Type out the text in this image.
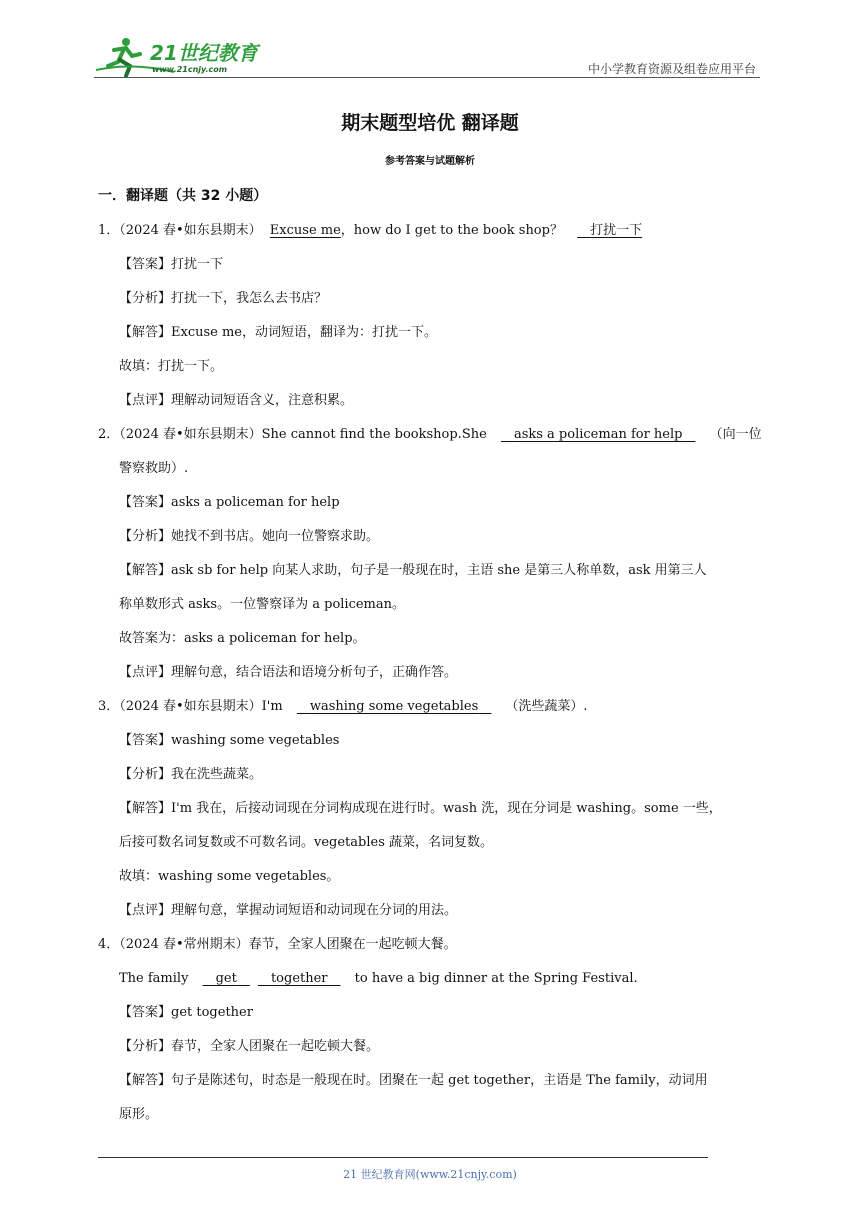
21世纪教育
www.21cnjy.com	中小学教育资源及组卷应用平台
期末题型培优 翻译题
参考答案与试题解析
一．翻译题（共 32 小题）
1．（2024 春•如东县期末） Excuse me，how do I get to the book shop？    打扰一下
【答案】打扰一下
【分析】打扰一下，我怎么去书店？
【解答】Excuse me，动词短语，翻译为：打扰一下。
故填：打扰一下。
【点评】理解动词短语含义，注意积累。
2．（2024 春•如东县期末）She cannot find the bookshop.She    asks a policeman for help   （向一位
警察救助）.
【答案】asks a policeman for help
【分析】她找不到书店。她向一位警察求助。
【解答】ask sb for help 向某人求助，句子是一般现在时，主语 she 是第三人称单数，ask 用第三人
称单数形式 asks。一位警察译为 a policeman。
故答案为：asks a policeman for help。
【点评】理解句意，结合语法和语境分析句子，正确作答。
3．（2024 春•如东县期末）I'm    washing some vegetables   （洗些蔬菜）.
【答案】washing some vegetables
【分析】我在洗些蔬菜。
【解答】I'm 我在，后接动词现在分词构成现在进行时。wash 洗，现在分词是 washing。some 一些，
后接可数名词复数或不可数名词。vegetables 蔬菜，名词复数。
故填：washing some vegetables。
【点评】理解句意，掌握动词短语和动词现在分词的用法。
4．（2024 春•常州期末）春节，全家人团聚在一起吃顿大餐。
The family    get     	together   to have a big dinner at the Spring Festival.
【答案】get together
【分析】春节，全家人团聚在一起吃顿大餐。
【解答】句子是陈述句，时态是一般现在时。团聚在一起 get together，主语是 The family，动词用
原形。
21 世纪教育网(www.21cnjy.com)
